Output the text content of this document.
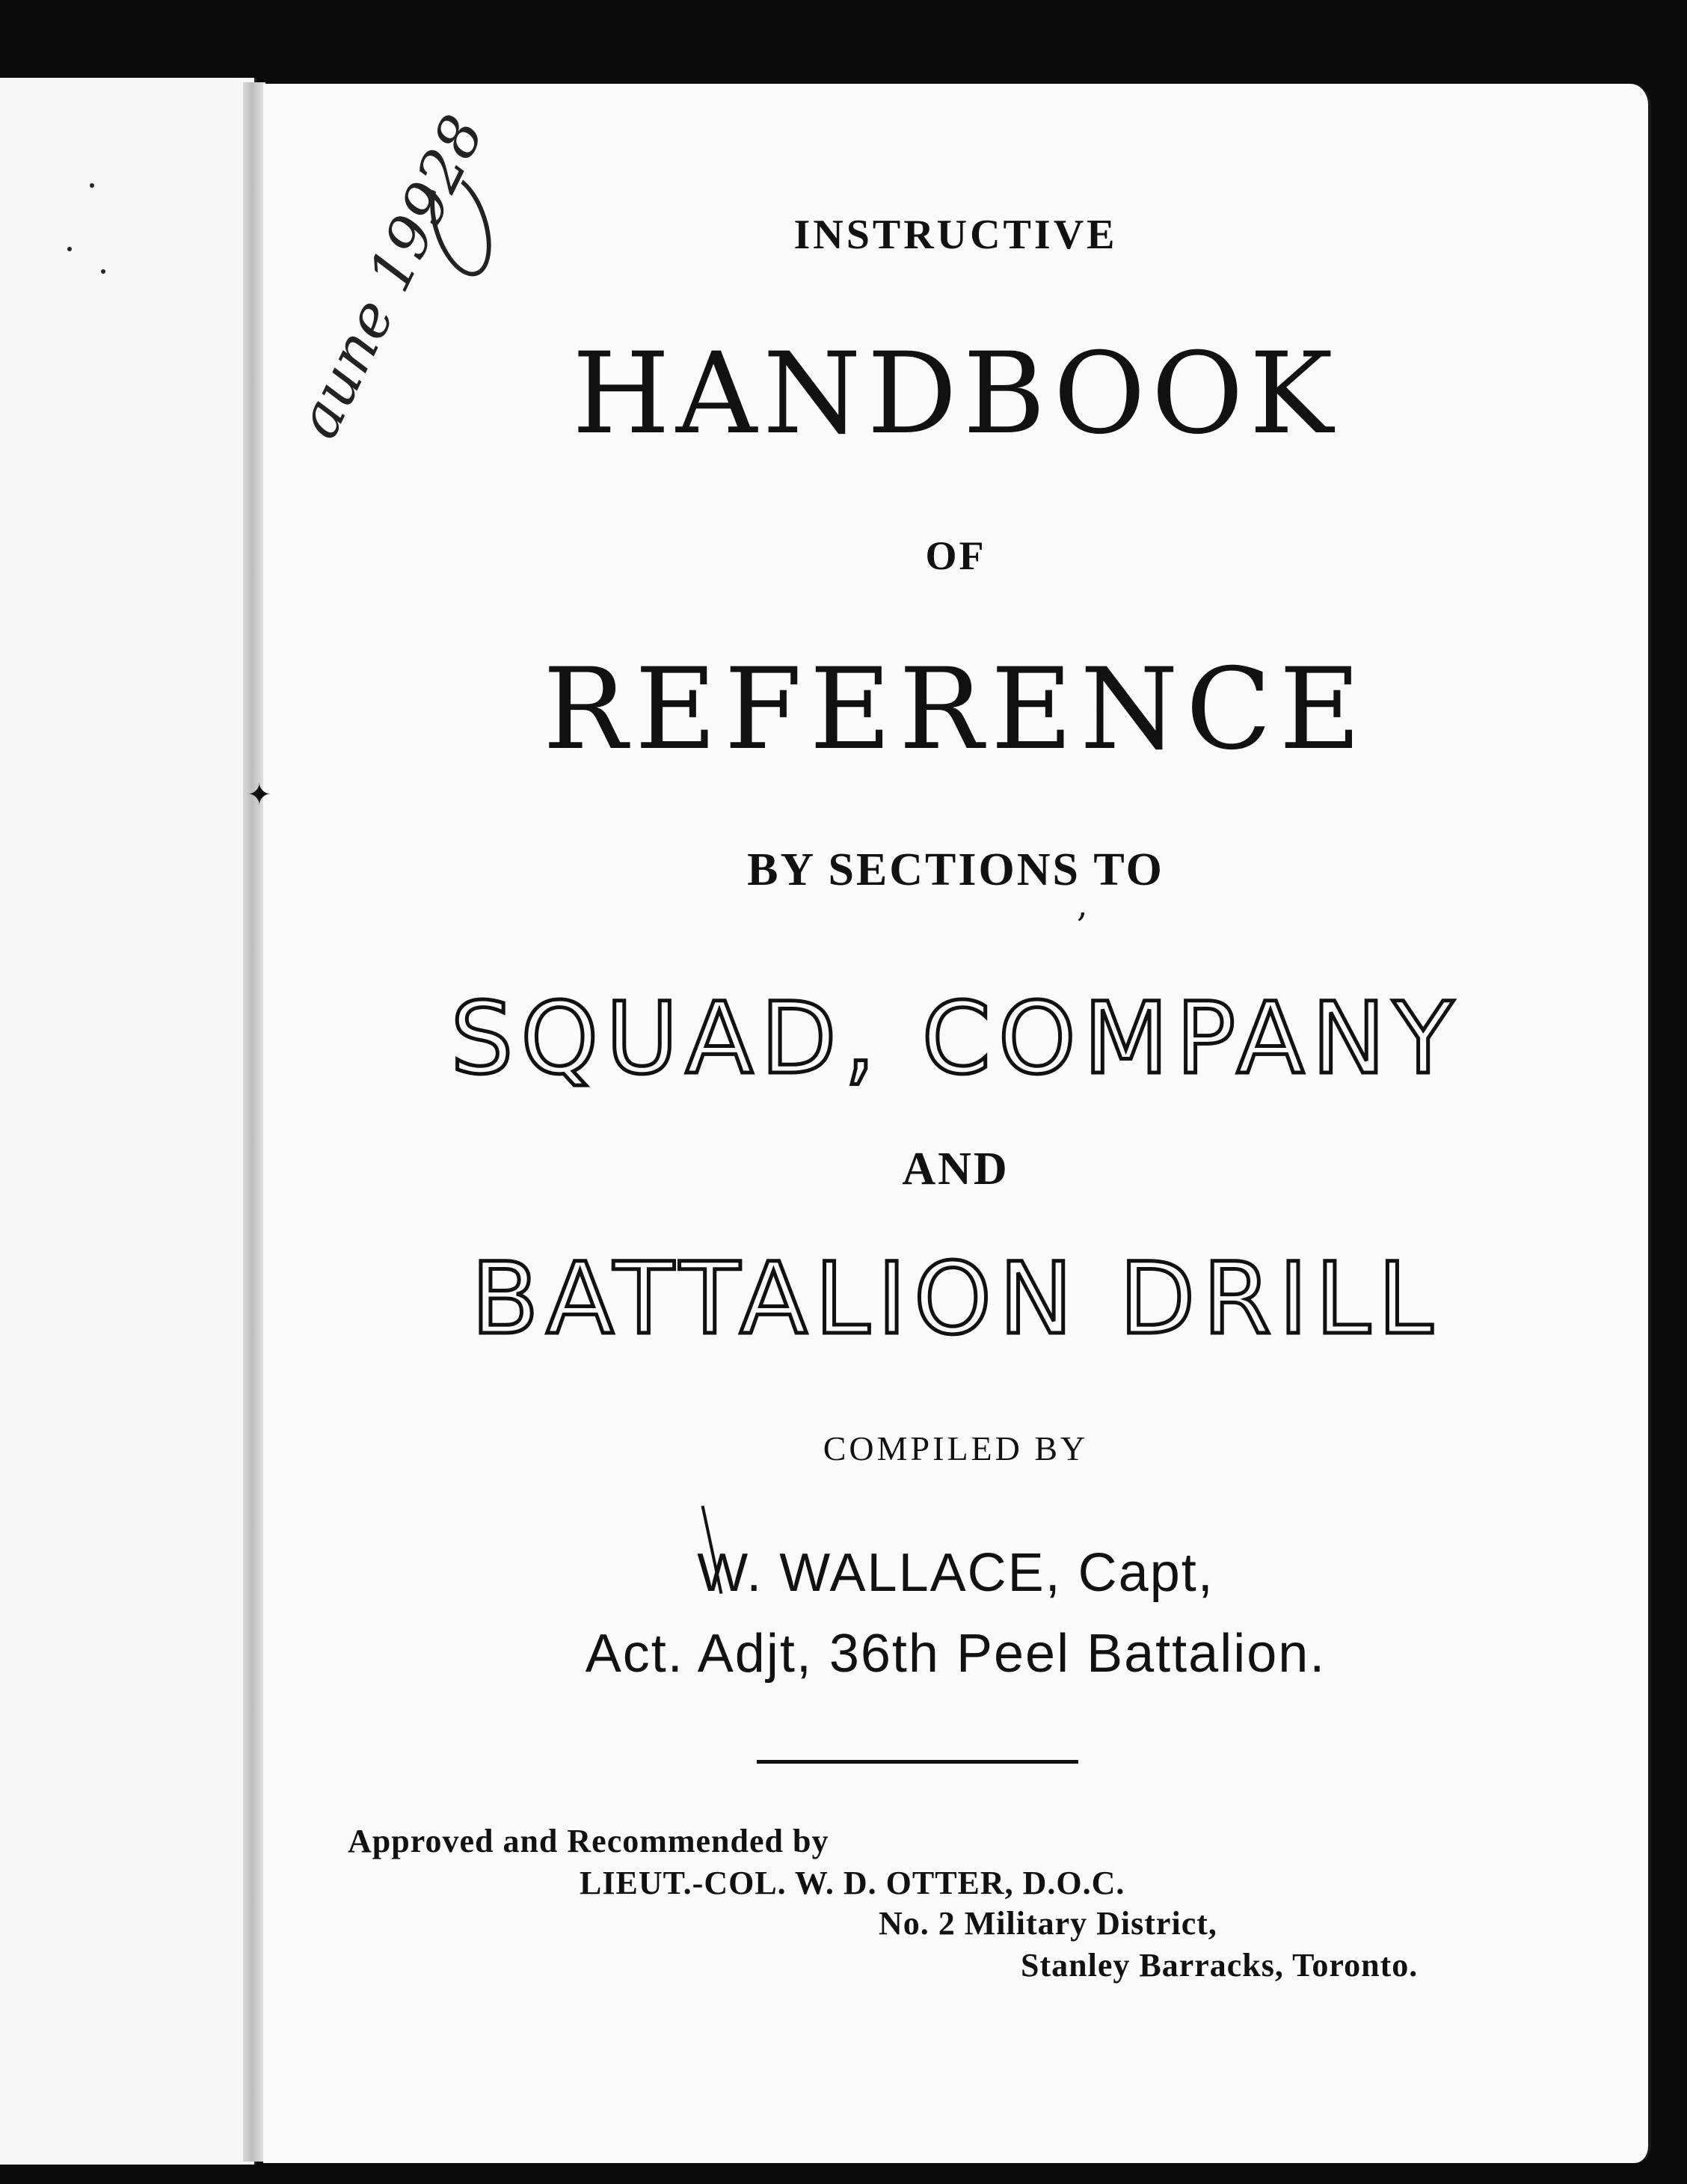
✦
aune 19928	INSTRUCTIVE
HANDBOOK
OF
REFERENCE
BY SECTIONS TO
,
SQUAD, COMPANY
AND
BATTALION DRILL
COMPILED BY
W. WALLACE, Capt,
Act. Adjt, 36th Peel Battalion.
Approved and Recommended by
LIEUT.-COL. W. D. OTTER, D.O.C.
No. 2 Military District,
Stanley Barracks, Toronto.
